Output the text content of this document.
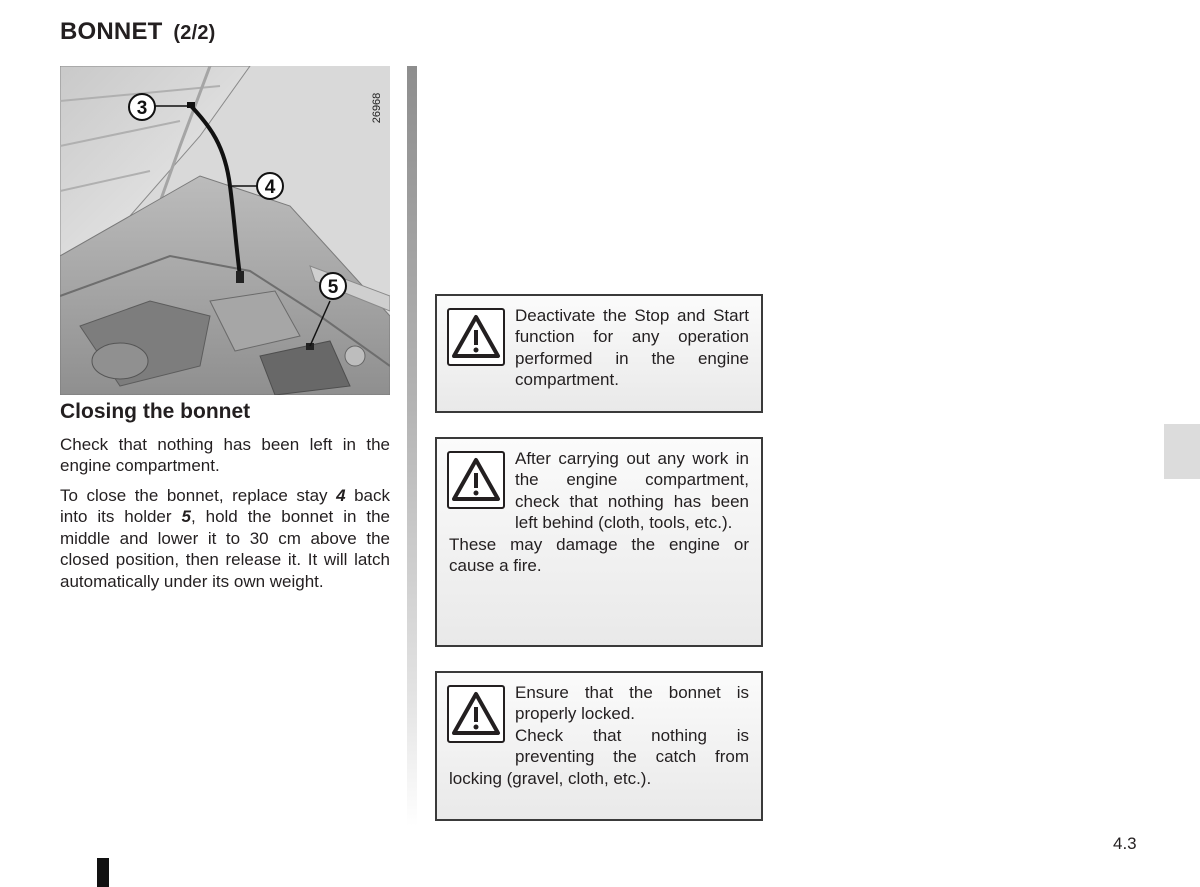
BONNET (2/2)
3
4
5
26968
Closing the bonnet

Check that nothing has been left in the engine compartment.

To close the bonnet, replace stay 4 back into its holder 5, hold the bonnet in the middle and lower it to 30 cm above the closed position, then release it. It will latch automatically under its own weight.

Deactivate the Stop and Start function for any operation performed in the engine compartment.

After carrying out any work in the engine compartment, check that nothing has been left behind (cloth, tools, etc.).

These may damage the engine or cause a fire.

Ensure that the bonnet is properly locked.

Check that nothing is preventing the catch from locking (gravel, cloth, etc.).

4.3
